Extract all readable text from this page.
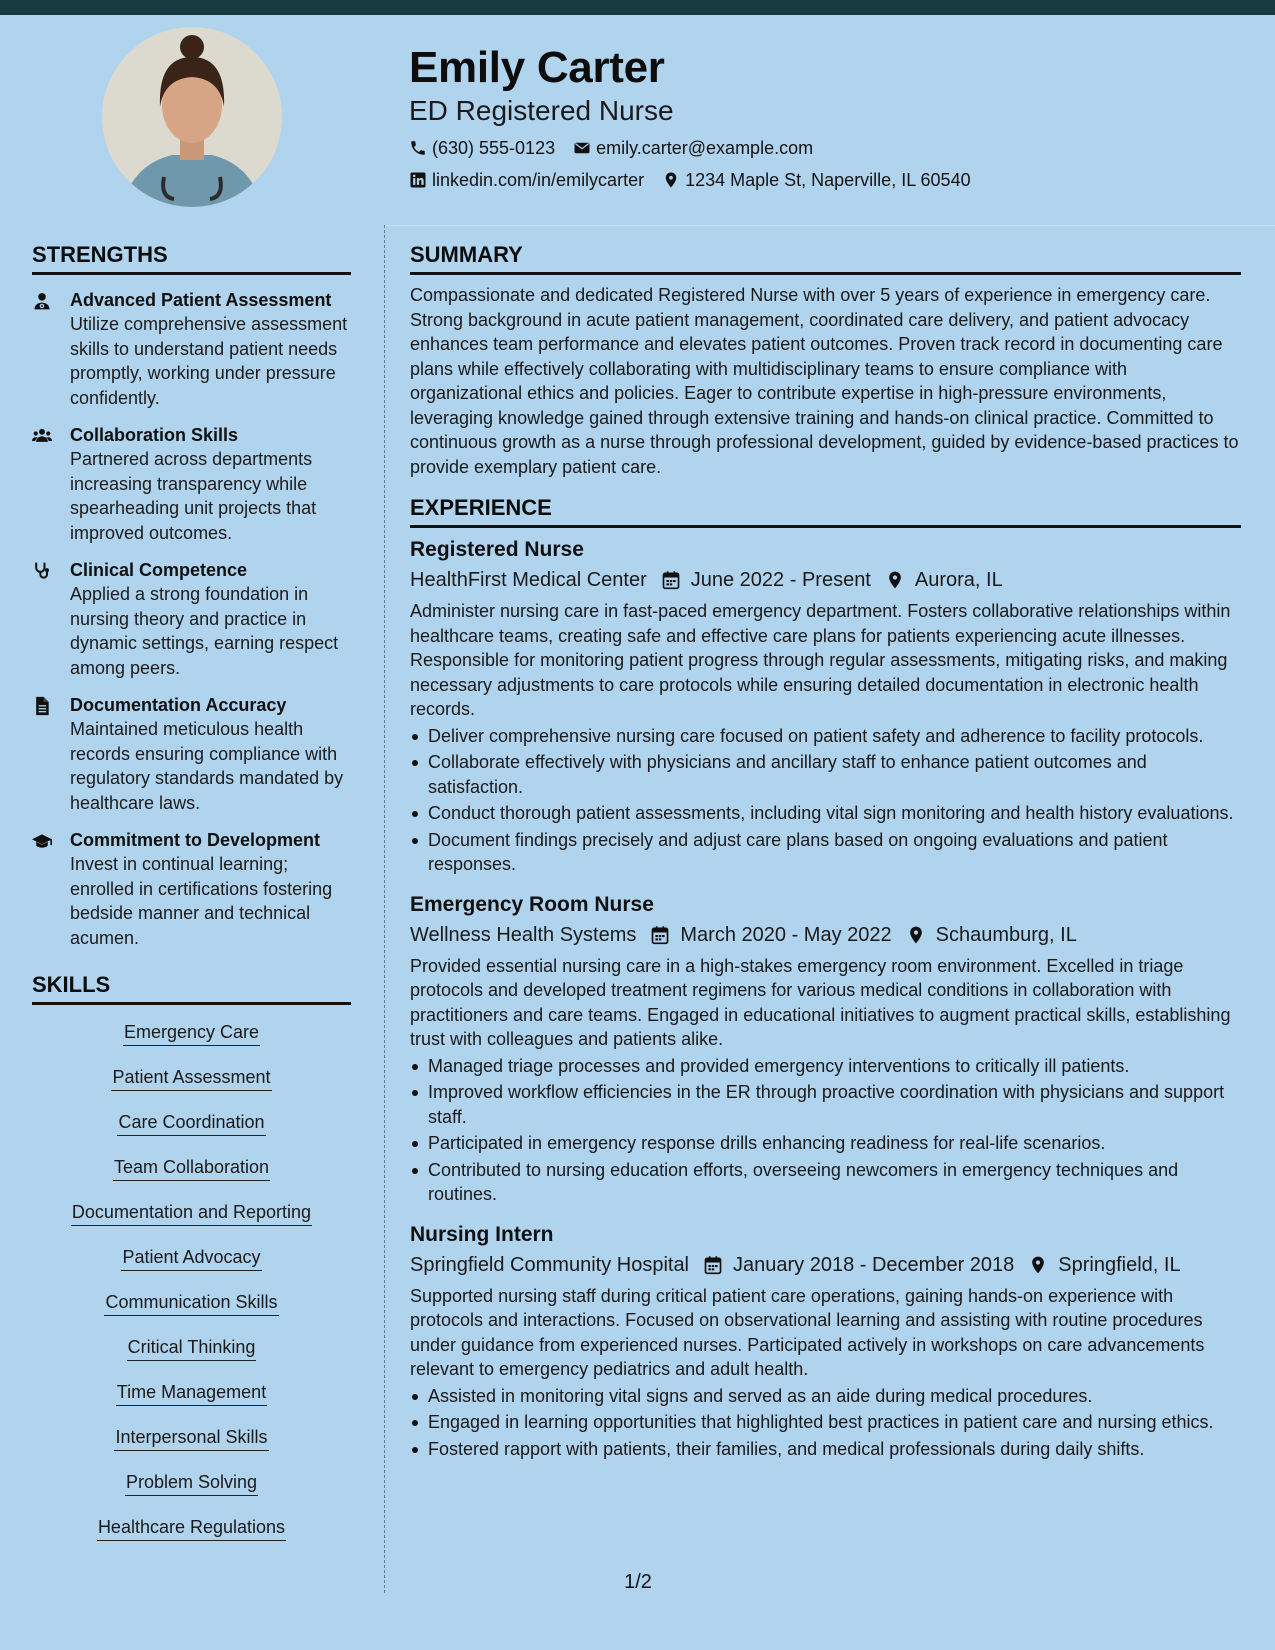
Emily Carter
ED Registered Nurse
(630) 555-0123 emily.carter@example.com
linkedin.com/in/emilycarter 1234 Maple St, Naperville, IL 60540
STRENGTHS
Advanced Patient Assessment
Utilize comprehensive assessment skills to understand patient needs promptly, working under pressure confidently.
Collaboration Skills
Partnered across departments increasing transparency while spearheading unit projects that improved outcomes.
Clinical Competence
Applied a strong foundation in nursing theory and practice in dynamic settings, earning respect among peers.
Documentation Accuracy
Maintained meticulous health records ensuring compliance with regulatory standards mandated by healthcare laws.
Commitment to Development
Invest in continual learning; enrolled in certifications fostering bedside manner and technical acumen.
SKILLS
Emergency Care
Patient Assessment
Care Coordination
Team Collaboration
Documentation and Reporting
Patient Advocacy
Communication Skills
Critical Thinking
Time Management
Interpersonal Skills
Problem Solving
Healthcare Regulations
SUMMARY
Compassionate and dedicated Registered Nurse with over 5 years of experience in emergency care. Strong background in acute patient management, coordinated care delivery, and patient advocacy enhances team performance and elevates patient outcomes. Proven track record in documenting care plans while effectively collaborating with multidisciplinary teams to ensure compliance with organizational ethics and policies. Eager to contribute expertise in high-pressure environments, leveraging knowledge gained through extensive training and hands-on clinical practice. Committed to continuous growth as a nurse through professional development, guided by evidence-based practices to provide exemplary patient care.
EXPERIENCE
Registered Nurse
HealthFirst Medical Center June 2022 - Present Aurora, IL
Administer nursing care in fast-paced emergency department. Fosters collaborative relationships within healthcare teams, creating safe and effective care plans for patients experiencing acute illnesses. Responsible for monitoring patient progress through regular assessments, mitigating risks, and making necessary adjustments to care protocols while ensuring detailed documentation in electronic health records.
Deliver comprehensive nursing care focused on patient safety and adherence to facility protocols.
Collaborate effectively with physicians and ancillary staff to enhance patient outcomes and satisfaction.
Conduct thorough patient assessments, including vital sign monitoring and health history evaluations.
Document findings precisely and adjust care plans based on ongoing evaluations and patient responses.
Emergency Room Nurse
Wellness Health Systems March 2020 - May 2022 Schaumburg, IL
Provided essential nursing care in a high-stakes emergency room environment. Excelled in triage protocols and developed treatment regimens for various medical conditions in collaboration with practitioners and care teams. Engaged in educational initiatives to augment practical skills, establishing trust with colleagues and patients alike.
Managed triage processes and provided emergency interventions to critically ill patients.
Improved workflow efficiencies in the ER through proactive coordination with physicians and support staff.
Participated in emergency response drills enhancing readiness for real-life scenarios.
Contributed to nursing education efforts, overseeing newcomers in emergency techniques and routines.
Nursing Intern
Springfield Community Hospital January 2018 - December 2018 Springfield, IL
Supported nursing staff during critical patient care operations, gaining hands-on experience with protocols and interactions. Focused on observational learning and assisting with routine procedures under guidance from experienced nurses. Participated actively in workshops on care advancements relevant to emergency pediatrics and adult health.
Assisted in monitoring vital signs and served as an aide during medical procedures.
Engaged in learning opportunities that highlighted best practices in patient care and nursing ethics.
Fostered rapport with patients, their families, and medical professionals during daily shifts.
1/2
